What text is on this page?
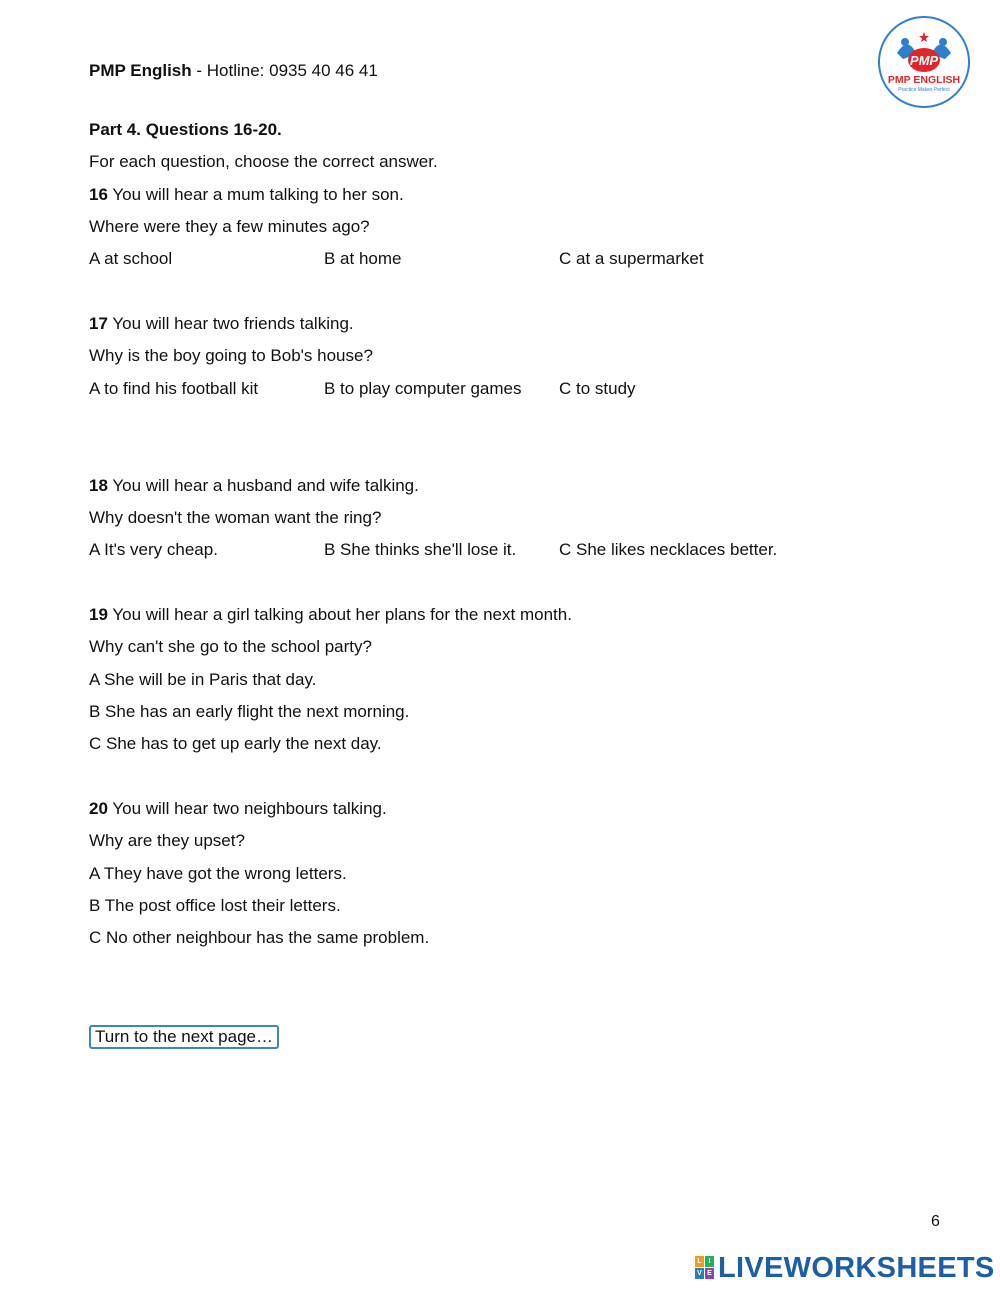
PMP English - Hotline: 0935 40 46 41
PMP
PMP ENGLISH
Practice Makes Perfect
Part 4. Questions 16-20.
For each question, choose the correct answer.
16 You will hear a mum talking to her son.
Where were they a few minutes ago?
A at school	B at home	C at a supermarket
17 You will hear two friends talking.
Why is the boy going to Bob's house?
A to find his football kit	B to play computer games C to study
18 You will hear a husband and wife talking.
Why doesn't the woman want the ring?
A It's very cheap.	B She thinks she'll lose it.	C She likes necklaces better.
19 You will hear a girl talking about her plans for the next month.
Why can't she go to the school party?
A She will be in Paris that day.
B She has an early flight the next morning.
C She has to get up early the next day.
20 You will hear two neighbours talking.
Why are they upset?
A They have got the wrong letters.
B The post office lost their letters.
C No other neighbour has the same problem.
Turn to the next page…
6
L I
V E LIVEWORKSHEETS
